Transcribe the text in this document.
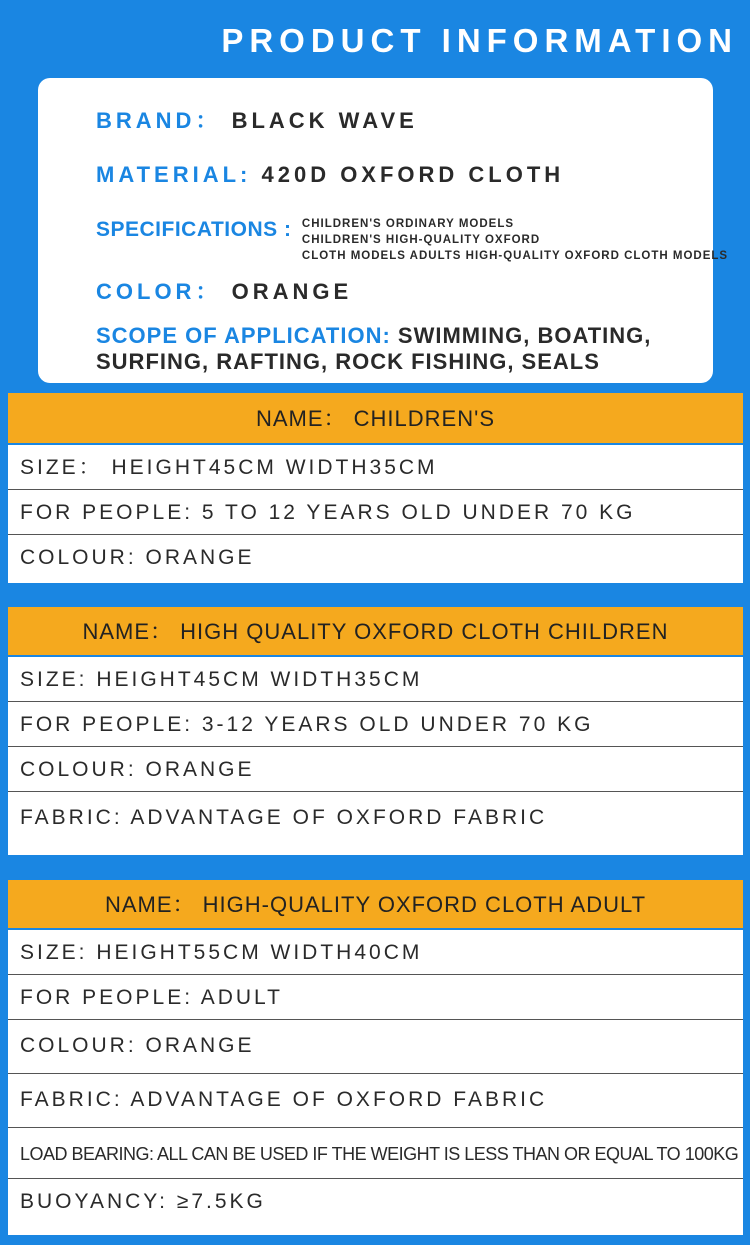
PRODUCT INFORMATION
BRAND： BLACK WAVE
MATERIAL: 420D OXFORD CLOTH
SPECIFICATIONS : CHILDREN'S ORDINARY MODELS
CHILDREN'S HIGH-QUALITY OXFORD
CLOTH MODELS ADULTS HIGH-QUALITY OXFORD CLOTH MODELS
COLOR： ORANGE
SCOPE OF APPLICATION: SWIMMING, BOATING,
SURFING, RAFTING, ROCK FISHING, SEALS
NAME： CHILDREN'S
SIZE： HEIGHT45CM WIDTH35CM
FOR PEOPLE: 5 TO 12 YEARS OLD UNDER 70 KG
COLOUR: ORANGE
NAME： HIGH QUALITY OXFORD CLOTH CHILDREN
SIZE: HEIGHT45CM WIDTH35CM
FOR PEOPLE: 3-12 YEARS OLD UNDER 70 KG
COLOUR: ORANGE
FABRIC: ADVANTAGE OF OXFORD FABRIC
NAME： HIGH-QUALITY OXFORD CLOTH ADULT
SIZE: HEIGHT55CM WIDTH40CM
FOR PEOPLE: ADULT
COLOUR: ORANGE
FABRIC: ADVANTAGE OF OXFORD FABRIC
LOAD BEARING: ALL CAN BE USED IF THE WEIGHT IS LESS THAN OR EQUAL TO 100KG
BUOYANCY: ≥7.5KG
